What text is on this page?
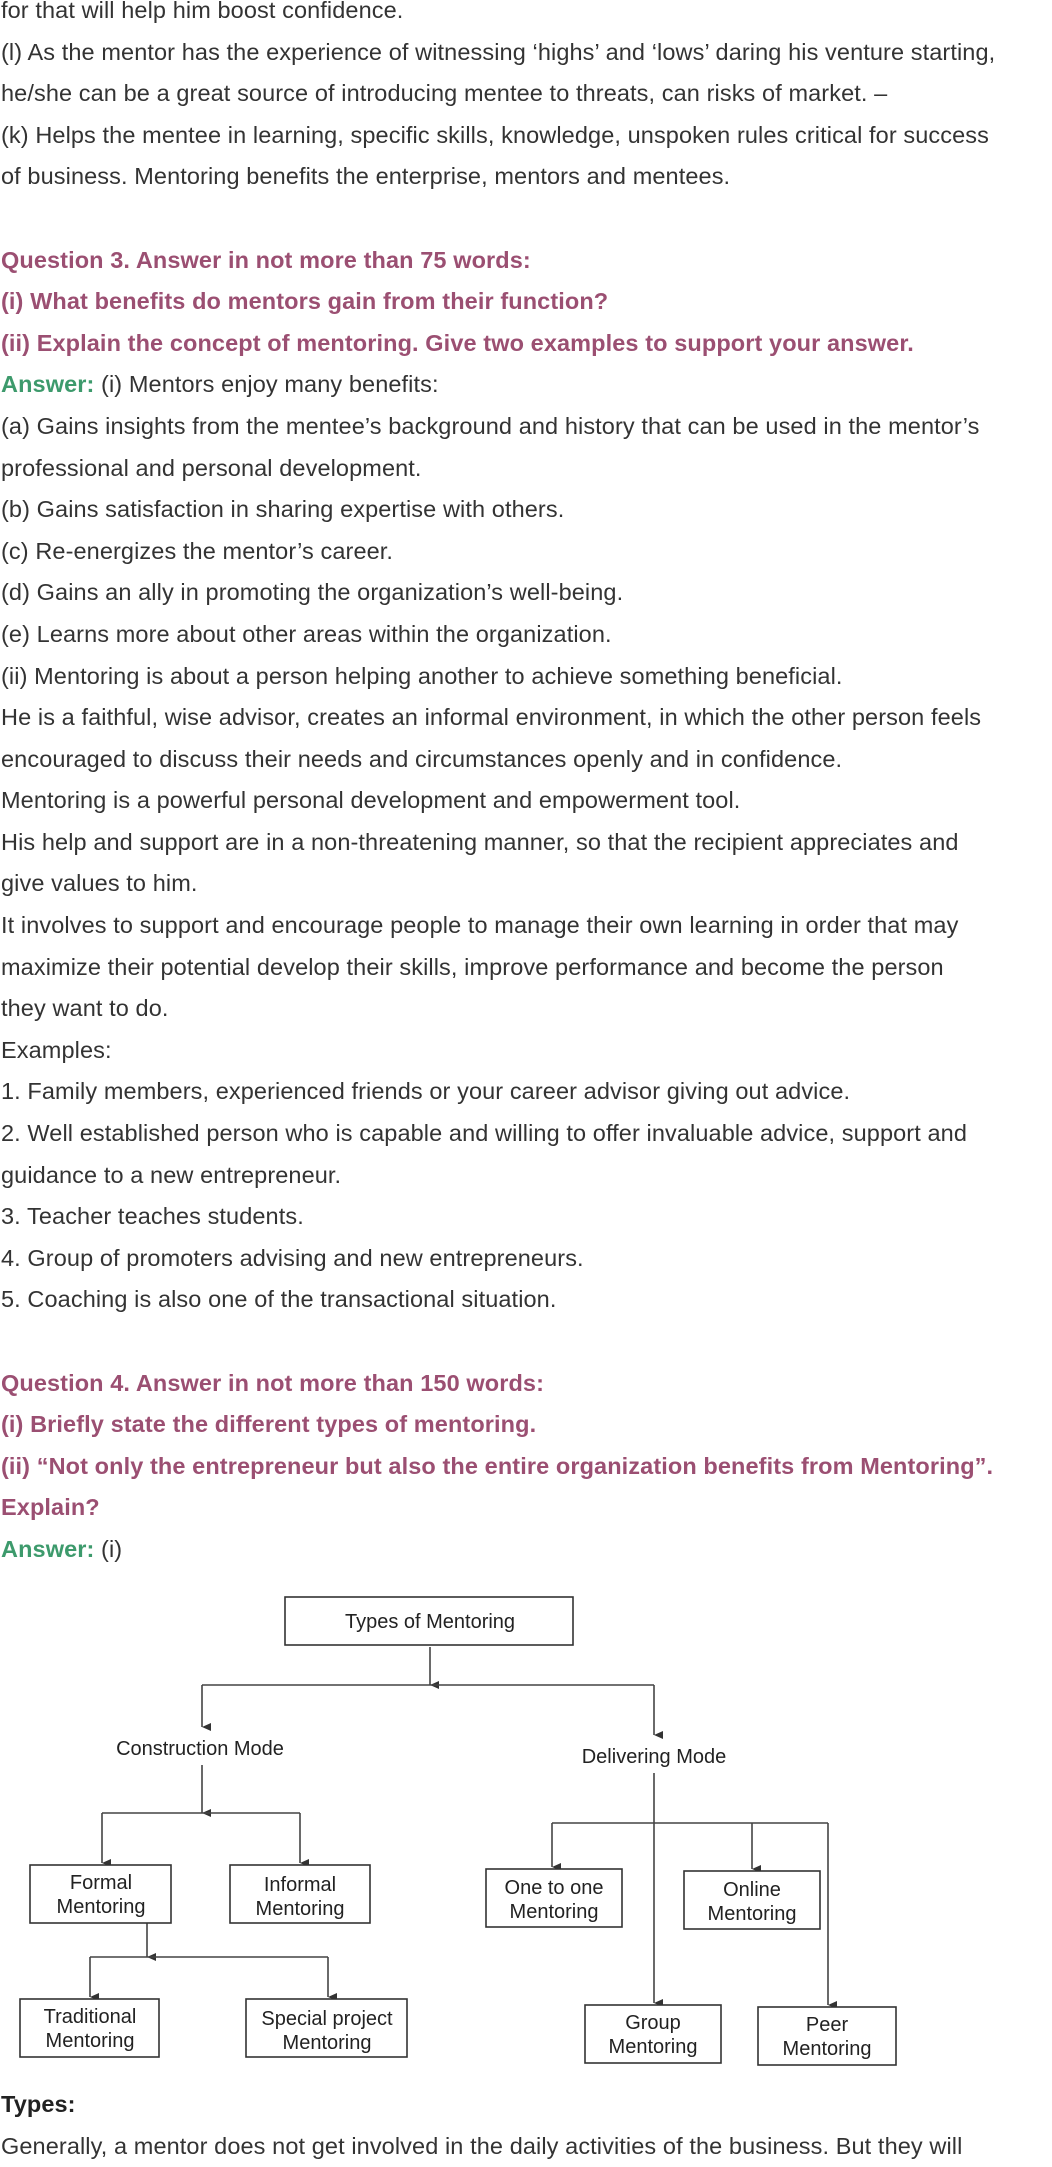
for that will help him boost confidence.

(l) As the mentor has the experience of witnessing ‘highs’ and ‘lows’ daring his venture starting,

he/she can be a great source of introducing mentee to threats, can risks of market. –

(k) Helps the mentee in learning, specific skills, knowledge, unspoken rules critical for success

of business. Mentoring benefits the enterprise, mentors and mentees.

Question 3. Answer in not more than 75 words:

(i) What benefits do mentors gain from their function?

(ii) Explain the concept of mentoring. Give two examples to support your answer.

Answer: (i) Mentors enjoy many benefits:

(a) Gains insights from the mentee’s background and history that can be used in the mentor’s

professional and personal development.

(b) Gains satisfaction in sharing expertise with others.

(c) Re-energizes the mentor’s career.

(d) Gains an ally in promoting the organization’s well-being.

(e) Learns more about other areas within the organization.

(ii) Mentoring is about a person helping another to achieve something beneficial.

He is a faithful, wise advisor, creates an informal environment, in which the other person feels

encouraged to discuss their needs and circumstances openly and in confidence.

Mentoring is a powerful personal development and empowerment tool.

His help and support are in a non-threatening manner, so that the recipient appreciates and

give values to him.

It involves to support and encourage people to manage their own learning in order that may

maximize their potential develop their skills, improve performance and become the person

they want to do.

Examples:

1. Family members, experienced friends or your career advisor giving out advice.

2. Well established person who is capable and willing to offer invaluable advice, support and

guidance to a new entrepreneur.

3. Teacher teaches students.

4. Group of promoters advising and new entrepreneurs.

5. Coaching is also one of the transactional situation.

Question 4. Answer in not more than 150 words:

(i) Briefly state the different types of mentoring.

(ii) “Not only the entrepreneur but also the entire organization benefits from Mentoring”.

Explain?

Answer: (i)

Types of Mentoring
Construction Mode	Delivering Mode
Formal
Mentoring
Informal
Mentoring
Traditional
Mentoring
Special project
Mentoring
One to one
Mentoring
Online
Mentoring
Group
Mentoring
Peer
Mentoring

Types:

Generally, a mentor does not get involved in the daily activities of the business. But they will
